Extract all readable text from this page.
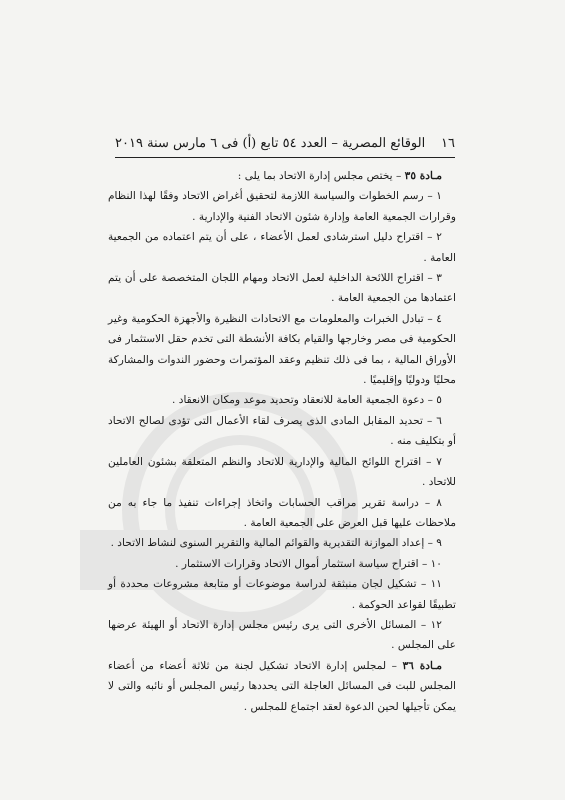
١٦
الوقائع المصرية – العدد ٥٤ تابع (أ) فى ٦ مارس سنة ٢٠١٩

مـادة ٣٥ – يختص مجلس إدارة الاتحاد بما يلى :

١ – رسم الخطوات والسياسة اللازمة لتحقيق أغراض الاتحاد وفقًا لهذا النظام وقرارات الجمعية العامة وإدارة شئون الاتحاد الفنية والإدارية .

٢ – اقتراح دليل استرشادى لعمل الأعضاء ، على أن يتم اعتماده من الجمعية العامة .

٣ – اقتراح اللائحة الداخلية لعمل الاتحاد ومهام اللجان المتخصصة على أن يتم اعتمادها من الجمعية العامة .

٤ – تبادل الخبرات والمعلومات مع الاتحادات النظيرة والأجهزة الحكومية وغير الحكومية فى مصر وخارجها والقيام بكافة الأنشطة التى تخدم حقل الاستثمار فى الأوراق المالية ، بما فى ذلك تنظيم وعقد المؤتمرات وحضور الندوات والمشاركة محليًا ودوليًا وإقليميًا .

٥ – دعوة الجمعية العامة للانعقاد وتحديد موعد ومكان الانعقاد .

٦ – تحديد المقابل المادى الذى يصرف لقاء الأعمال التى تؤدى لصالح الاتحاد أو بتكليف منه .

٧ – اقتراح اللوائح المالية والإدارية للاتحاد والنظم المتعلقة بشئون العاملين للاتحاد .

٨ – دراسة تقرير مراقب الحسابات واتخاذ إجراءات تنفيذ ما جاء به من ملاحظات عليها قبل العرض على الجمعية العامة .

٩ – إعداد الموازنة التقديرية والقوائم المالية والتقرير السنوى لنشاط الاتحاد .

١٠ – اقتراح سياسة استثمار أموال الاتحاد وقرارات الاستثمار .

١١ – تشكيل لجان منبثقة لدراسة موضوعات أو متابعة مشروعات محددة أو تطبيقًا لقواعد الحوكمة .

١٢ – المسائل الأخرى التى يرى رئيس مجلس إدارة الاتحاد أو الهيئة عرضها على المجلس .

مـادة ٣٦ – لمجلس إدارة الاتحاد تشكيل لجنة من ثلاثة أعضاء من أعضاء المجلس للبت فى المسائل العاجلة التى يحددها رئيس المجلس أو نائبه والتى لا يمكن تأجيلها لحين الدعوة لعقد اجتماع للمجلس .
